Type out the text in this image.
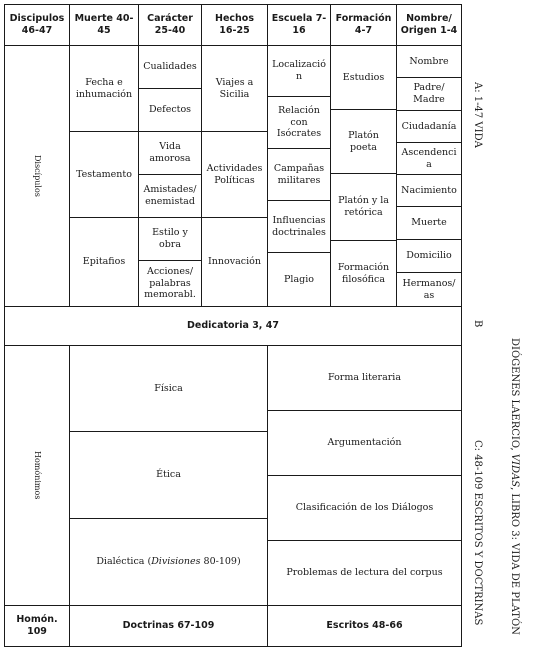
Discipulos
46-47
Muerte 40-
45
Carácter
25-40
Hechos
16-25
Escuela 7-
16
Formación
4-7
Nombre/
Origen 1-4
Discípulos
Fecha e
inhumación
Testamento
Epitafios
Cualidades
Defectos
Vida
amorosa
Amistades/
enemistad
Estilo y
obra
Acciones/
palabras
memorabl.
Viajes a
Sicilia
Actividades
Políticas
Innovación
Localizació
n
Relación
con
Isócrates
Campañas
militares
Influencias
doctrinales
Plagio
Estudios
Platón
poeta
Platón y la
retórica
Formación
filosófica
Nombre
Padre/
Madre
Ciudadanía
Ascendenci
a
Nacimiento
Muerte
Domicilio
Hermanos/
as
Dedicatoria 3, 47
Homónimos
Física
Ética
Dialéctica (Divisiones 80-109)
Forma literaria
Argumentación
Clasificación de los Diálogos
Problemas de lectura del corpus
Homón.
109
Doctrinas 67-109	Escritos 48-66
A: 1-47 VIDA
B
C: 48-109 ESCRITOS Y DOCTRINAS
DIÓGENES LAERCIO, VIDAS, LIBRO 3: VIDA DE PLATÓN
